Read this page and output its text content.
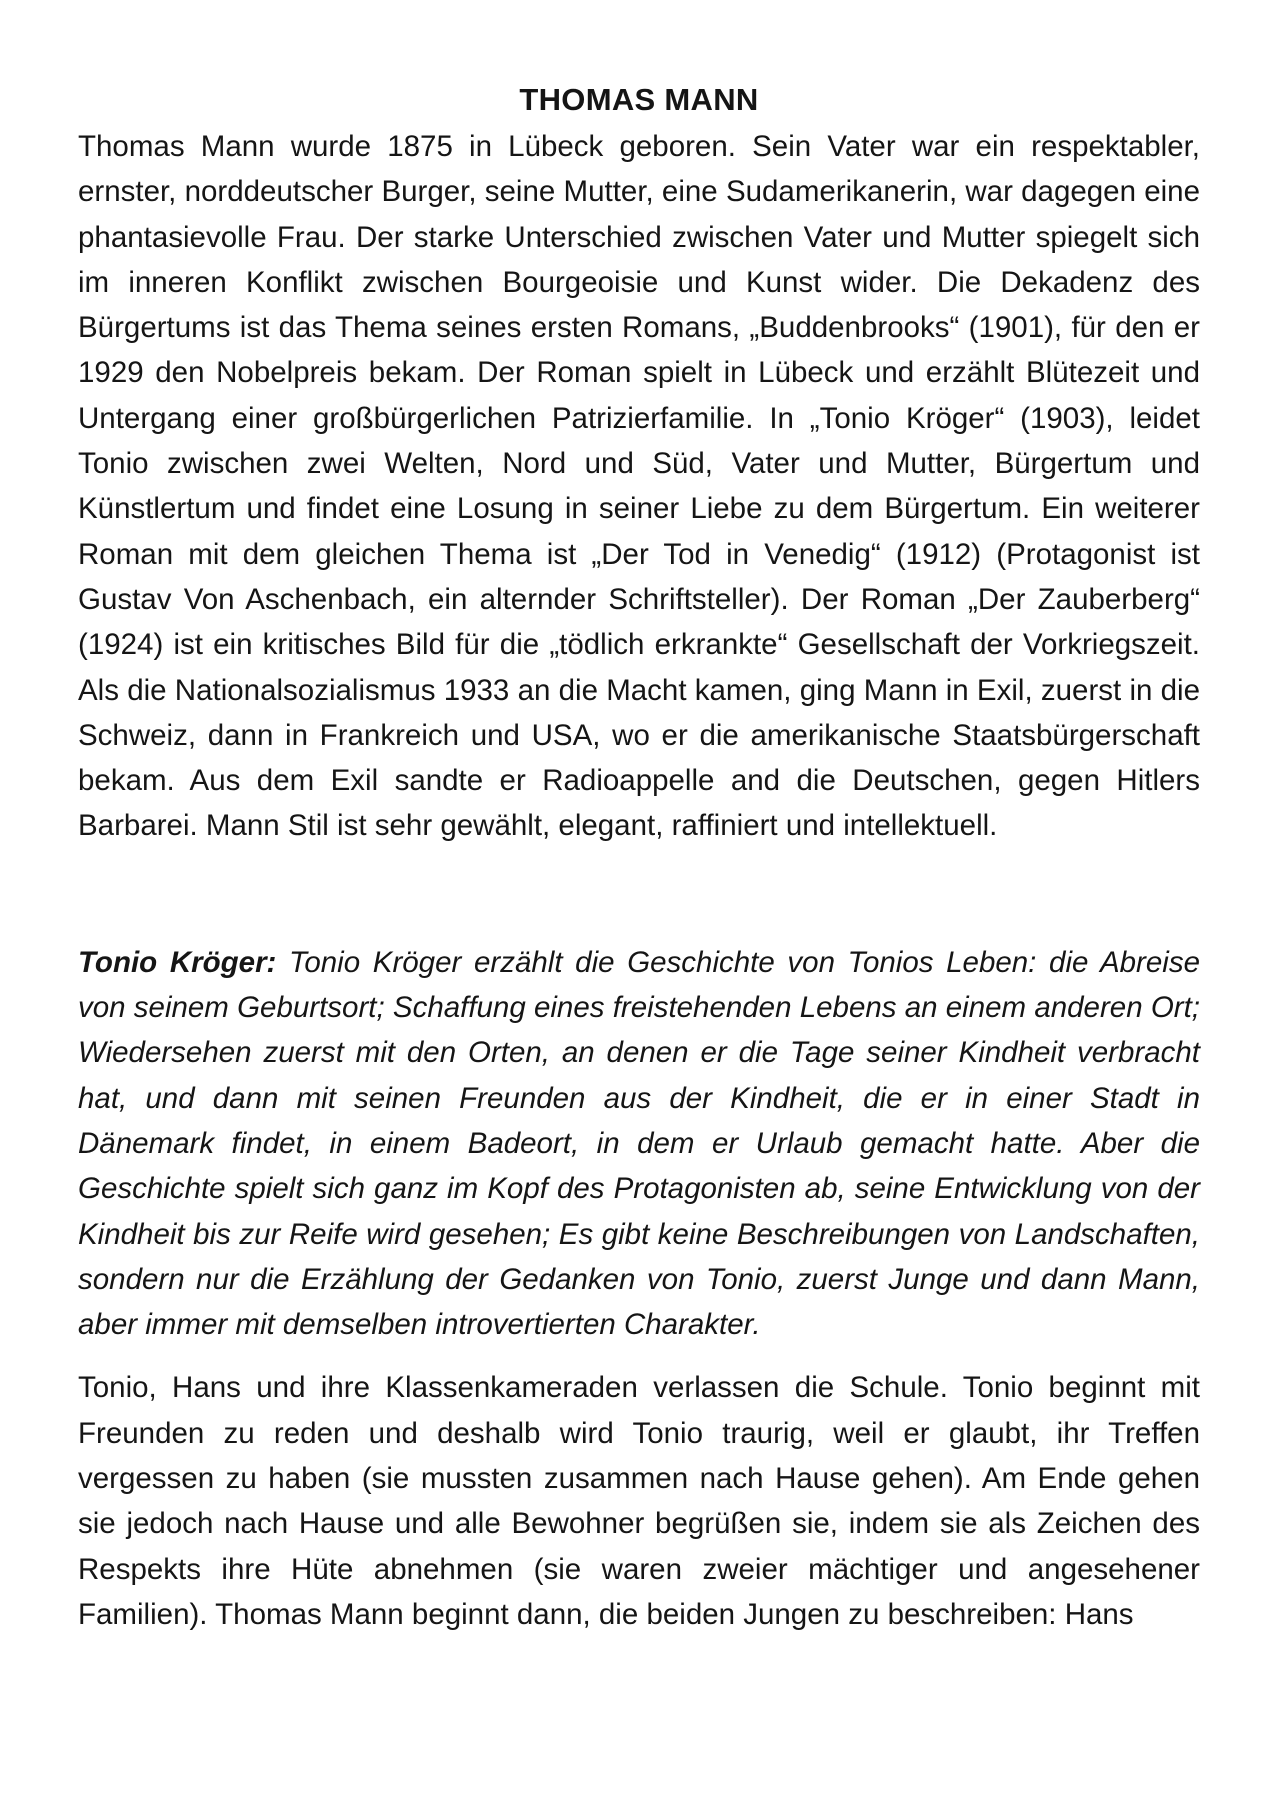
THOMAS MANN

Thomas Mann wurde 1875 in Lübeck geboren. Sein Vater war ein respektabler, ernster, norddeutscher Burger, seine Mutter, eine Sudamerikanerin, war dagegen eine phantasievolle Frau. Der starke Unterschied zwischen Vater und Mutter spiegelt sich im inneren Konflikt zwischen Bourgeoisie und Kunst wider. Die Dekadenz des Bürgertums ist das Thema seines ersten Romans, „Buddenbrooks“ (1901), für den er 1929 den Nobelpreis bekam. Der Roman spielt in Lübeck und erzählt Blütezeit und Untergang einer großbürgerlichen Patrizierfamilie. In „Tonio Kröger“ (1903), leidet Tonio zwischen zwei Welten, Nord und Süd, Vater und Mutter, Bürgertum und Künstlertum und findet eine Losung in seiner Liebe zu dem Bürgertum. Ein weiterer Roman mit dem gleichen Thema ist „Der Tod in Venedig“ (1912) (Protagonist ist Gustav Von Aschenbach, ein alternder Schriftsteller). Der Roman „Der Zauberberg“ (1924) ist ein kritisches Bild für die „tödlich erkrankte“ Gesellschaft der Vorkriegszeit. Als die Nationalsozialismus 1933 an die Macht kamen, ging Mann in Exil, zuerst in die Schweiz, dann in Frankreich und USA, wo er die amerikanische Staatsbürgerschaft bekam. Aus dem Exil sandte er Radioappelle and die Deutschen, gegen Hitlers Barbarei. Mann Stil ist sehr gewählt, elegant, raffiniert und intellektuell.

Tonio Kröger: Tonio Kröger erzählt die Geschichte von Tonios Leben: die Abreise von seinem Geburtsort; Schaffung eines freistehenden Lebens an einem anderen Ort; Wiedersehen zuerst mit den Orten, an denen er die Tage seiner Kindheit verbracht hat, und dann mit seinen Freunden aus der Kindheit, die er in einer Stadt in Dänemark findet, in einem Badeort, in dem er Urlaub gemacht hatte. Aber die Geschichte spielt sich ganz im Kopf des Protagonisten ab, seine Entwicklung von der Kindheit bis zur Reife wird gesehen; Es gibt keine Beschreibungen von Landschaften, sondern nur die Erzählung der Gedanken von Tonio, zuerst Junge und dann Mann, aber immer mit demselben introvertierten Charakter.

Tonio, Hans und ihre Klassenkameraden verlassen die Schule. Tonio beginnt mit Freunden zu reden und deshalb wird Tonio traurig, weil er glaubt, ihr Treffen vergessen zu haben (sie mussten zusammen nach Hause gehen). Am Ende gehen sie jedoch nach Hause und alle Bewohner begrüßen sie, indem sie als Zeichen des Respekts ihre Hüte abnehmen (sie waren zweier mächtiger und angesehener Familien). Thomas Mann beginnt dann, die beiden Jungen zu beschreiben: Hans
